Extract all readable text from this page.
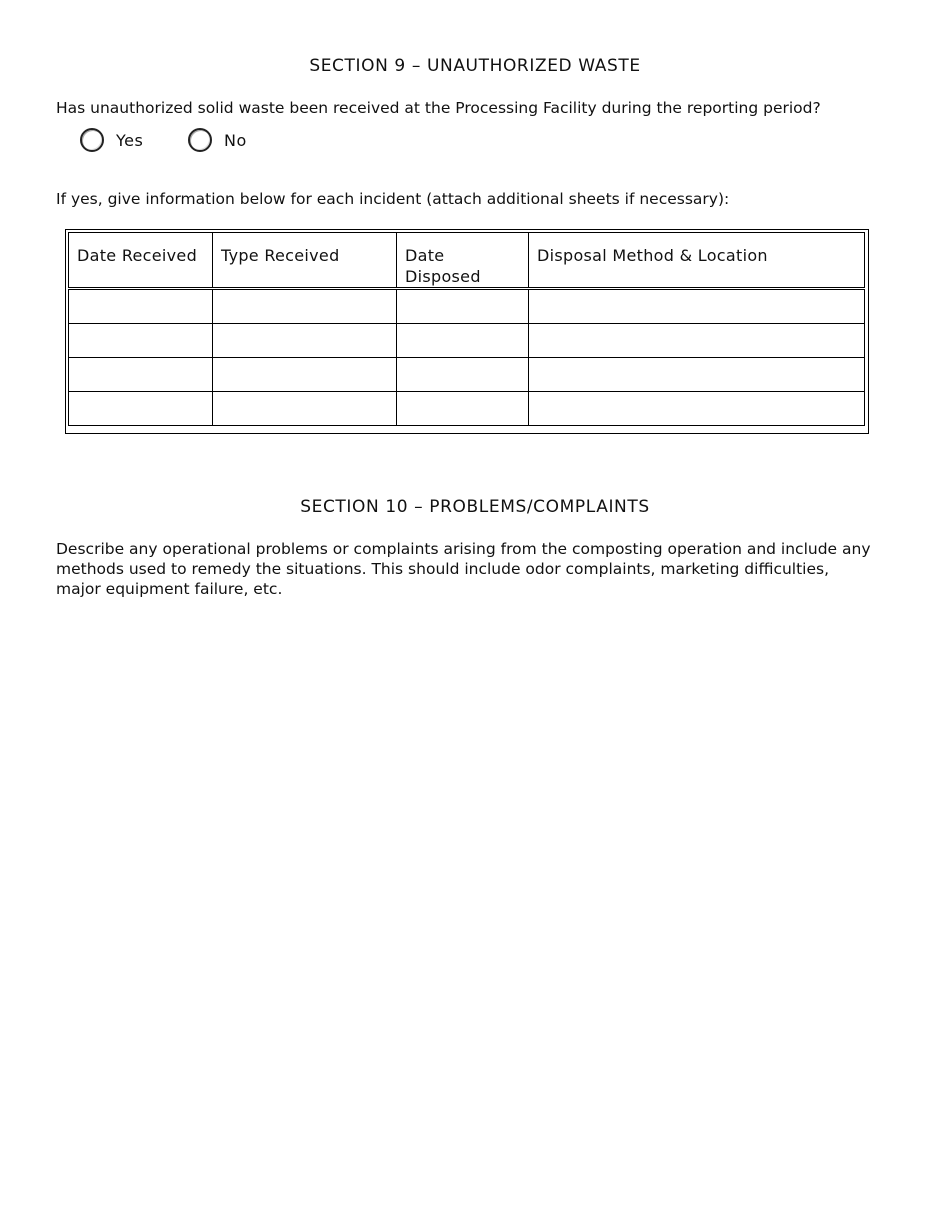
SECTION 9 – UNAUTHORIZED WASTE
Has unauthorized solid waste been received at the Processing Facility during the reporting period?
Yes	No
If yes, give information below for each incident (attach additional sheets if necessary):
Date Received	Type Received	Date Disposed	Disposal Method & Location

SECTION 10 – PROBLEMS/COMPLAINTS
Describe any operational problems or complaints arising from the composting operation and include any methods used to remedy the situations. This should include odor complaints, marketing difficulties, major equipment failure, etc.
